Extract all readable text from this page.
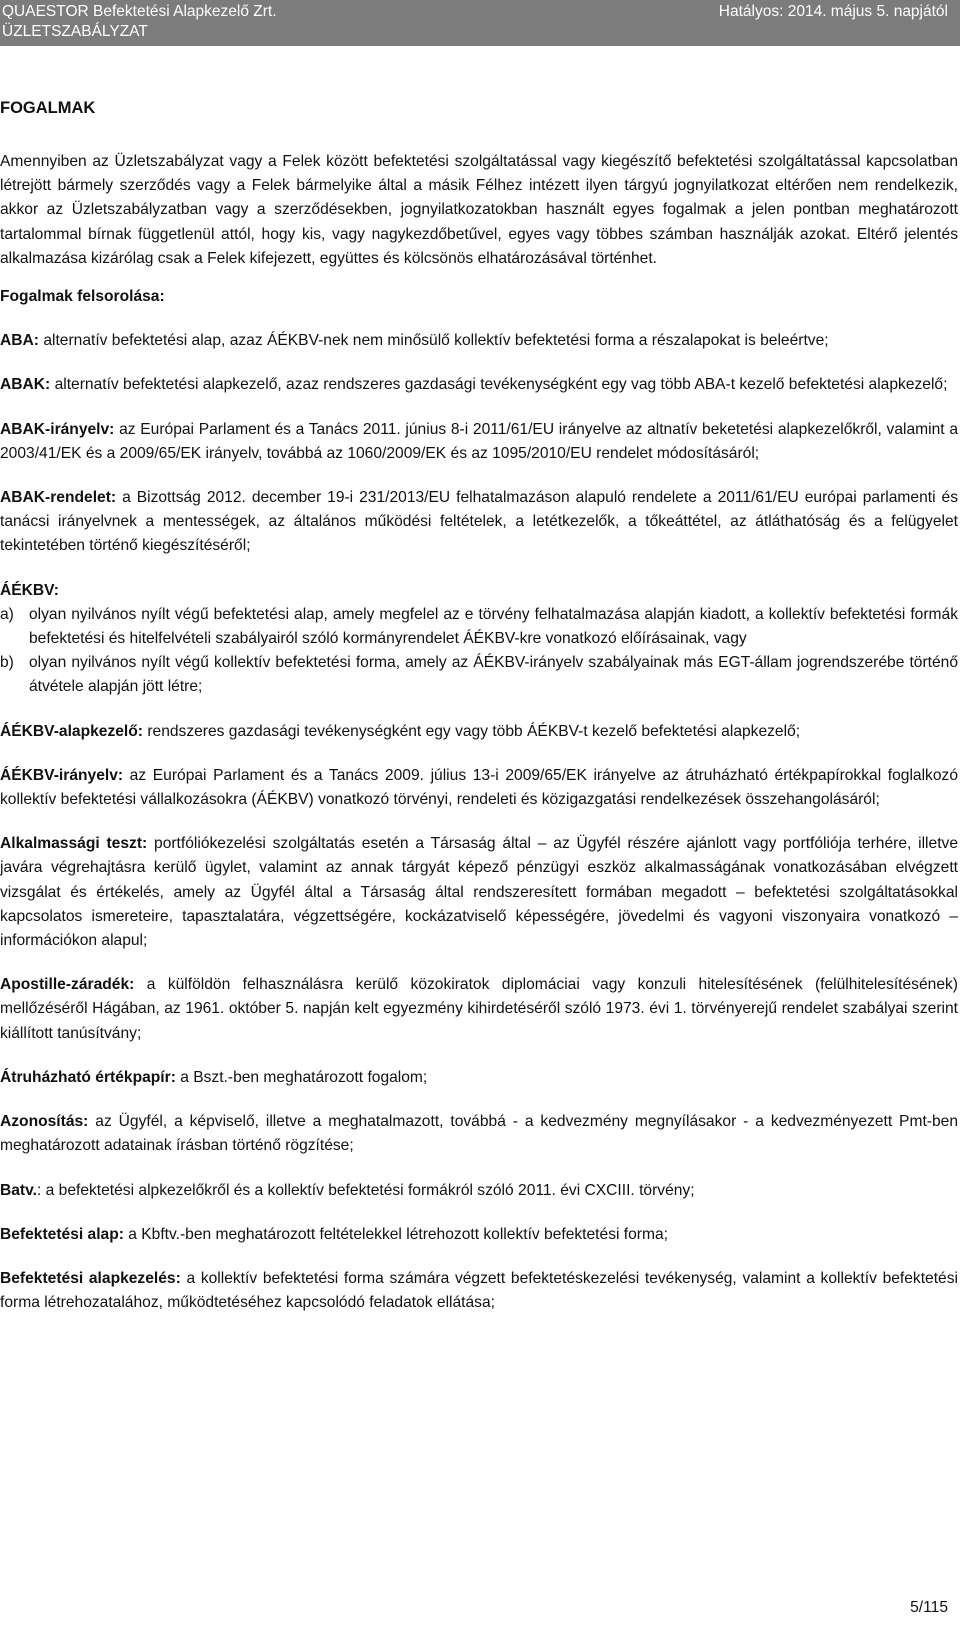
QUAESTOR Befektetési Alapkezelő Zrt.
ÜZLETSZABÁLYZAT
Hatályos: 2014. május 5. napjától
FOGALMAK

Amennyiben az Üzletszabályzat vagy a Felek között befektetési szolgáltatással vagy kiegészítő befektetési szolgáltatással kapcsolatban létrejött bármely szerződés vagy a Felek bármelyike által a másik Félhez intézett ilyen tárgyú jognyilatkozat eltérően nem rendelkezik, akkor az Üzletszabályzatban vagy a szerződésekben, jognyilatkozatokban használt egyes fogalmak a jelen pontban meghatározott tartalommal bírnak függetlenül attól, hogy kis, vagy nagykezdőbetűvel, egyes vagy többes számban használják azokat. Eltérő jelentés alkalmazása kizárólag csak a Felek kifejezett, együttes és kölcsönös elhatározásával történhet.

Fogalmak felsorolása:

ABA: alternatív befektetési alap, azaz ÁÉKBV-nek nem minősülő kollektív befektetési forma a részalapokat is beleértve;

ABAK: alternatív befektetési alapkezelő, azaz rendszeres gazdasági tevékenységként egy vag több ABA-t kezelő befektetési alapkezelő;

ABAK-irányelv: az Európai Parlament és a Tanács 2011. június 8-i 2011/61/EU irányelve az altnatív beketetési alapkezelőkről, valamint a 2003/41/EK és a 2009/65/EK irányelv, továbbá az 1060/2009/EK és az 1095/2010/EU rendelet módosításáról;

ABAK-rendelet: a Bizottság 2012. december 19-i 231/2013/EU felhatalmazáson alapuló rendelete a 2011/61/EU európai parlamenti és tanácsi irányelvnek a mentességek, az általános működési feltételek, a letétkezelők, a tőkeáttétel, az átláthatóság és a felügyelet tekintetében történő kiegészítéséről;

ÁÉKBV:
a) olyan nyilvános nyílt végű befektetési alap, amely megfelel az e törvény felhatalmazása alapján kiadott, a kollektív befektetési formák befektetési és hitelfelvételi szabályairól szóló kormányrendelet ÁÉKBV-kre vonatkozó előírásainak, vagy
b) olyan nyilvános nyílt végű kollektív befektetési forma, amely az ÁÉKBV-irányelv szabályainak más EGT-állam jogrendszerébe történő átvétele alapján jött létre;

ÁÉKBV-alapkezelő: rendszeres gazdasági tevékenységként egy vagy több ÁÉKBV-t kezelő befektetési alapkezelő;

ÁÉKBV-irányelv: az Európai Parlament és a Tanács 2009. július 13-i 2009/65/EK irányelve az átruházható értékpapírokkal foglalkozó kollektív befektetési vállalkozásokra (ÁÉKBV) vonatkozó törvényi, rendeleti és közigazgatási rendelkezések összehangolásáról;

Alkalmassági teszt: portfóliókezelési szolgáltatás esetén a Társaság által – az Ügyfél részére ajánlott vagy portfóliója terhére, illetve javára végrehajtásra kerülő ügylet, valamint az annak tárgyát képező pénzügyi eszköz alkalmasságának vonatkozásában elvégzett vizsgálat és értékelés, amely az Ügyfél által a Társaság által rendszeresített formában megadott – befektetési szolgáltatásokkal kapcsolatos ismereteire, tapasztalatára, végzettségére, kockázatviselő képességére, jövedelmi és vagyoni viszonyaira vonatkozó – információkon alapul;

Apostille-záradék: a külföldön felhasználásra kerülő közokiratok diplomáciai vagy konzuli hitelesítésének (felülhitelesítésének) mellőzéséről Hágában, az 1961. október 5. napján kelt egyezmény kihirdetéséről szóló 1973. évi 1. törvényerejű rendelet szabályai szerint kiállított tanúsítvány;

Átruházható értékpapír: a Bszt.-ben meghatározott fogalom;

Azonosítás: az Ügyfél, a képviselő, illetve a meghatalmazott, továbbá - a kedvezmény megnyílásakor - a kedvezményezett Pmt-ben meghatározott adatainak írásban történő rögzítése;

Batv.: a befektetési alpkezelőkről és a kollektív befektetési formákról szóló 2011. évi CXCIII. törvény;

Befektetési alap: a Kbftv.-ben meghatározott feltételekkel létrehozott kollektív befektetési forma;

Befektetési alapkezelés: a kollektív befektetési forma számára végzett befektetéskezelési tevékenység, valamint a kollektív befektetési forma létrehozatalához, működtetéséhez kapcsolódó feladatok ellátása;

5/115
